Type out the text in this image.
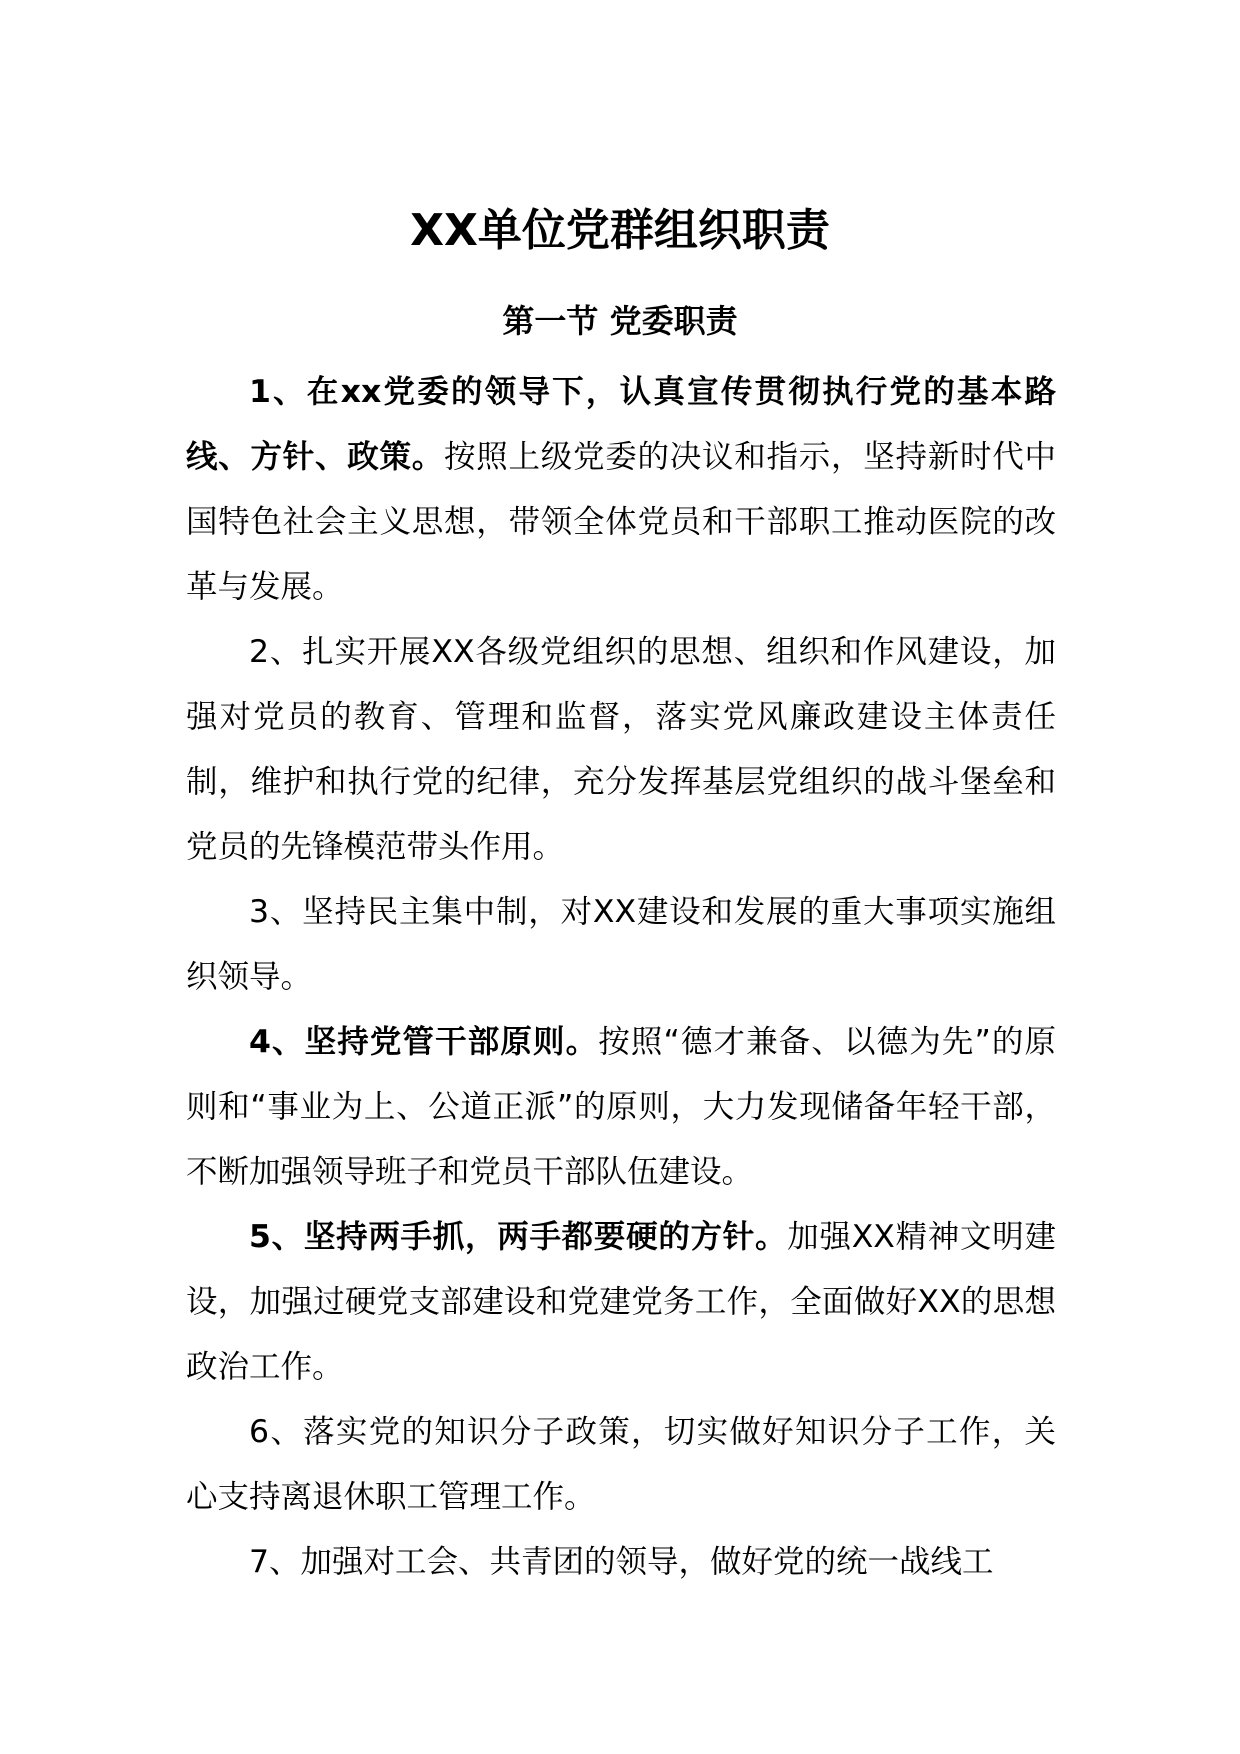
XX单位党群组织职责
第一节 党委职责

1、在xx党委的领导下，认真宣传贯彻执行党的基本路线、方针、政策。按照上级党委的决议和指示，坚持新时代中国特色社会主义思想，带领全体党员和干部职工推动医院的改革与发展。

2、扎实开展XX各级党组织的思想、组织和作风建设，加强对党员的教育、管理和监督，落实党风廉政建设主体责任制，维护和执行党的纪律，充分发挥基层党组织的战斗堡垒和党员的先锋模范带头作用。

3、坚持民主集中制，对XX建设和发展的重大事项实施组织领导。

4、坚持党管干部原则。按照“德才兼备、以德为先”的原则和“事业为上、公道正派”的原则，大力发现储备年轻干部，不断加强领导班子和党员干部队伍建设。

5、坚持两手抓，两手都要硬的方针。加强XX精神文明建设，加强过硬党支部建设和党建党务工作，全面做好XX的思想政治工作。

6、落实党的知识分子政策，切实做好知识分子工作，关心支持离退休职工管理工作。

7、加强对工会、共青团的领导，做好党的统一战线工
